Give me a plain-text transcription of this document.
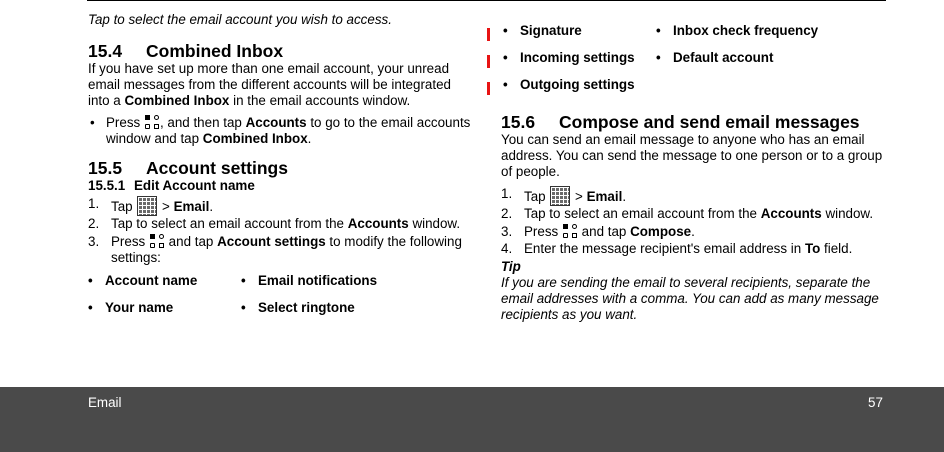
Tap to select the email account you wish to access.

15.4 Combined Inbox

If you have set up more than one email account, your unread email messages from the different accounts will be integrated into a Combined Inbox in the email accounts window.

• Press
, and then tap Accounts to go to the email accounts window and tap Combined Inbox.
15.5 Account settings
15.5.1 Edit Account name
1. Tap  > Email.
2. Tap to select an email account from the Accounts window.
3. Press
and tap Account settings to modify the following settings:
• Account name	• Email notifications
• Your name	• Select ringtone
• Signature	• Inbox check frequency
• Incoming settings • Default account
• Outgoing settings
15.6 Compose and send email messages

You can send an email message to anyone who has an email address. You can send the message to one person or to a group of people.

1. Tap  > Email.
2. Tap to select an email account from the Accounts window.
3. Press
and tap Compose.
4. Enter the message recipient's email address in To field.
Tip

If you are sending the email to several recipients, separate the email addresses with a comma. You can add as many message recipients as you want.

Email	57
